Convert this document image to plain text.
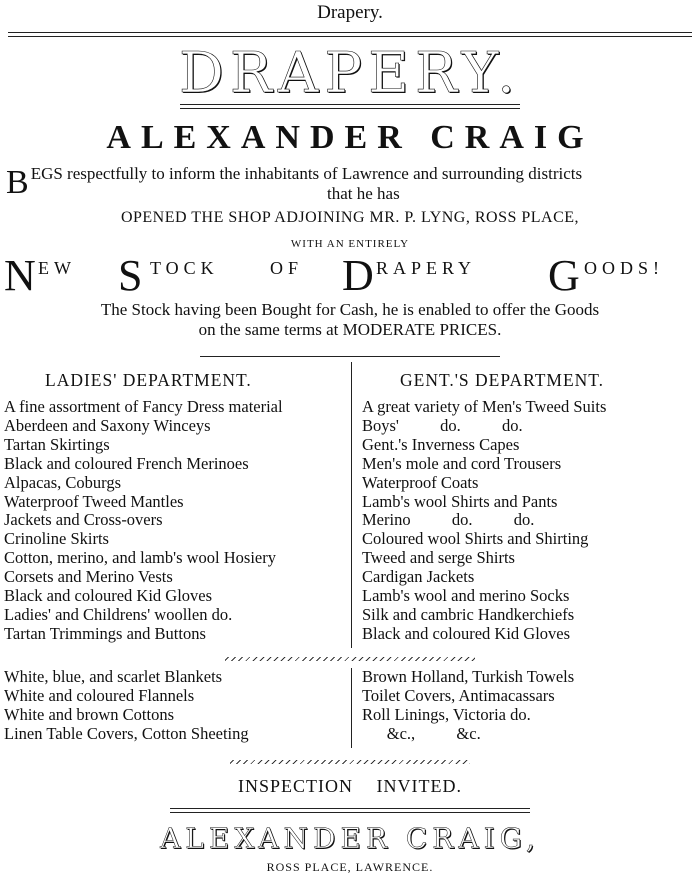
Drapery.
DRAPERY.
ALEXANDER CRAIG
B EGS respectfully to inform the inhabitants of Lawrence and surrounding districts
that he has
OPENED THE SHOP ADJOINING MR. P. LYNG, ROSS PLACE,
WITH AN ENTIRELY
N EW S TOCK	OF D RAPERY G OODS!
The Stock having been Bought for Cash, he is enabled to offer the Goods
on the same terms at MODERATE PRICES.
LADIES' DEPARTMENT.	GENT.'S DEPARTMENT.
A fine assortment of Fancy Dress material
Aberdeen and Saxony Winceys
Tartan Skirtings
Black and coloured French Merinoes
Alpacas, Coburgs
Waterproof Tweed Mantles
Jackets and Cross-overs
Crinoline Skirts
Cotton, merino, and lamb's wool Hosiery
Corsets and Merino Vests
Black and coloured Kid Gloves
Ladies' and Childrens' woollen do.
Tartan Trimmings and Buttons
A great variety of Men's Tweed Suits
Boys'          do.          do.
Gent.'s Inverness Capes
Men's mole and cord Trousers
Waterproof Coats
Lamb's wool Shirts and Pants
Merino          do.          do.
Coloured wool Shirts and Shirting
Tweed and serge Shirts
Cardigan Jackets
Lamb's wool and merino Socks
Silk and cambric Handkerchiefs
Black and coloured Kid Gloves
White, blue, and scarlet Blankets
White and coloured Flannels
White and brown Cottons
Linen Table Covers, Cotton Sheeting
Brown Holland, Turkish Towels
Toilet Covers, Antimacassars
Roll Linings, Victoria do.
&c.,          &c.
INSPECTION INVITED.
ALEXANDER CRAIG,
ROSS PLACE, LAWRENCE.
